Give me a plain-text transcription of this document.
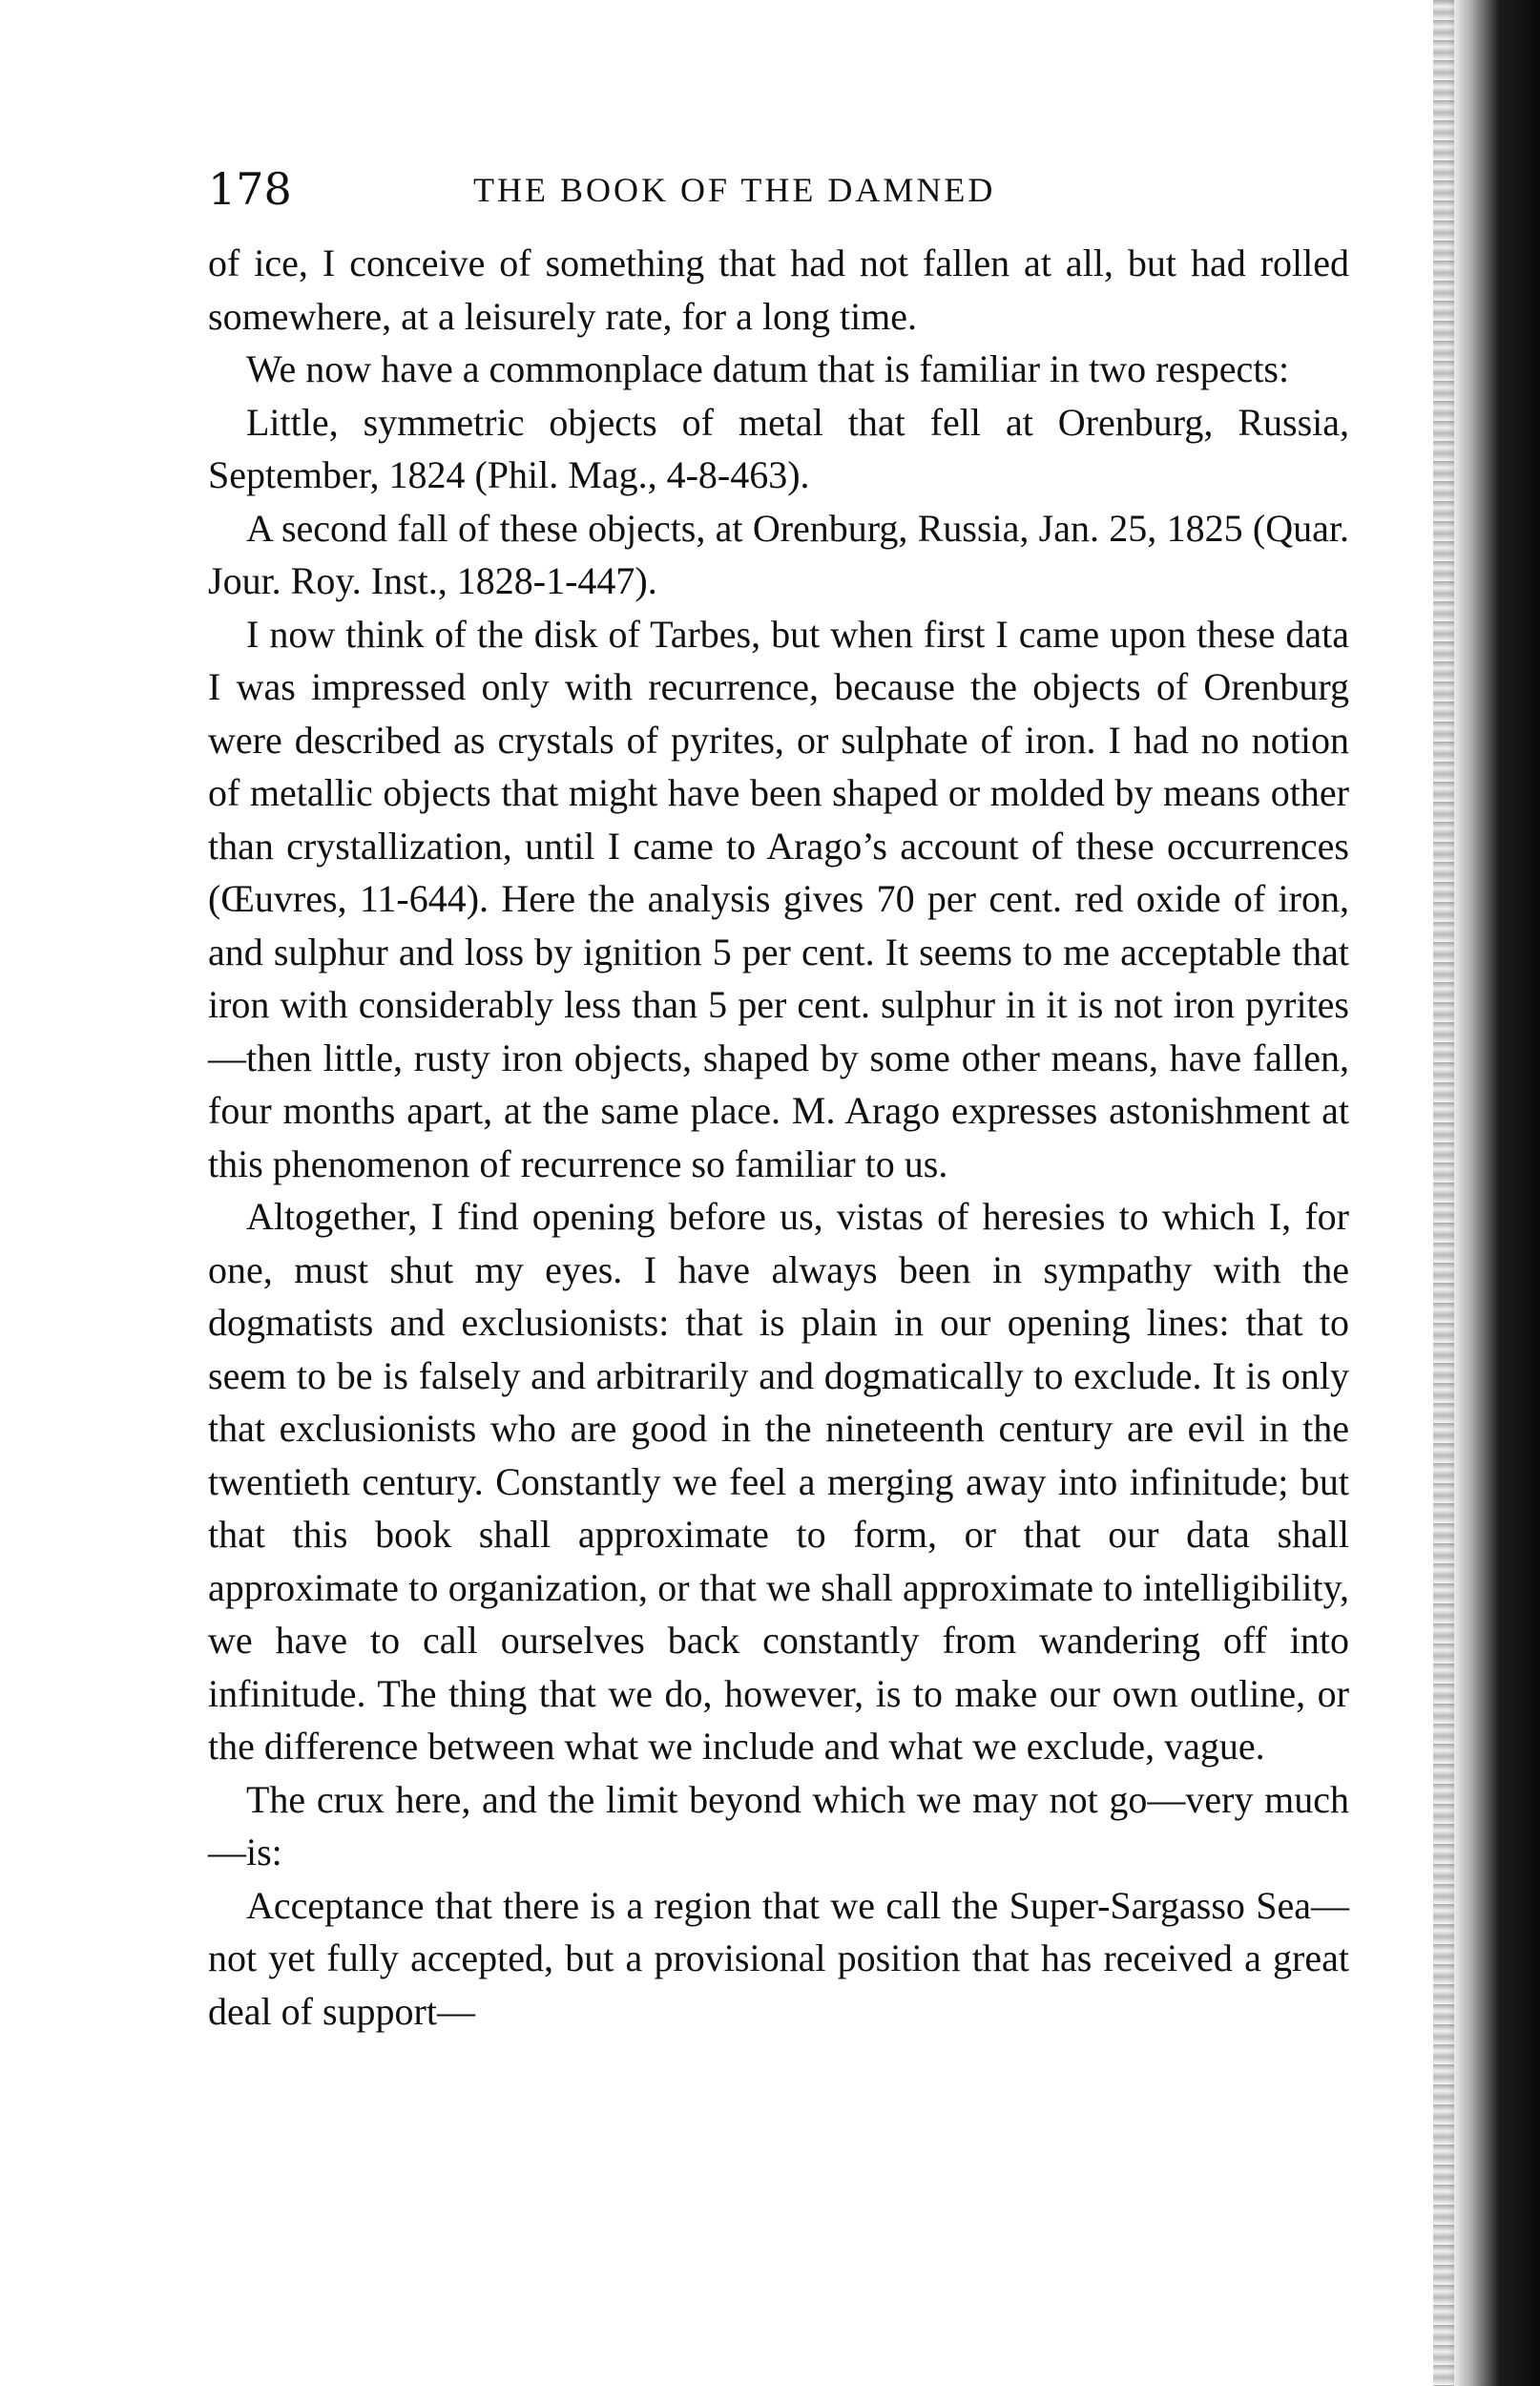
178	THE BOOK OF THE DAMNED

of ice, I conceive of something that had not fallen at all, but had rolled somewhere, at a leisurely rate, for a long time.

We now have a commonplace datum that is familiar in two respects:

Little, symmetric objects of metal that fell at Orenburg, Russia, September, 1824 (Phil. Mag., 4-8-463).

A second fall of these objects, at Orenburg, Russia, Jan. 25, 1825 (Quar. Jour. Roy. Inst., 1828-1-447).

I now think of the disk of Tarbes, but when first I came upon these data I was impressed only with recurrence, because the objects of Orenburg were described as crystals of pyrites, or sulphate of iron. I had no notion of metallic objects that might have been shaped or molded by means other than crystallization, until I came to Arago’s account of these occurrences (Œuvres, 11-644). Here the analysis gives 70 per cent. red oxide of iron, and sulphur and loss by ignition 5 per cent. It seems to me acceptable that iron with considerably less than 5 per cent. sulphur in it is not iron pyrites—then little, rusty iron objects, shaped by some other means, have fallen, four months apart, at the same place. M. Arago expresses astonishment at this phenomenon of recurrence so familiar to us.

Altogether, I find opening before us, vistas of heresies to which I, for one, must shut my eyes. I have always been in sympathy with the dogmatists and exclusionists: that is plain in our opening lines: that to seem to be is falsely and arbitrarily and dogmatically to exclude. It is only that exclusionists who are good in the nineteenth century are evil in the twentieth century. Constantly we feel a merging away into infinitude; but that this book shall approximate to form, or that our data shall approximate to organization, or that we shall approximate to intelligibility, we have to call ourselves back constantly from wandering off into infinitude. The thing that we do, however, is to make our own outline, or the difference between what we include and what we exclude, vague.

The crux here, and the limit beyond which we may not go—very much—is:

Acceptance that there is a region that we call the Super-Sargasso Sea—not yet fully accepted, but a provisional position that has received a great deal of support—
